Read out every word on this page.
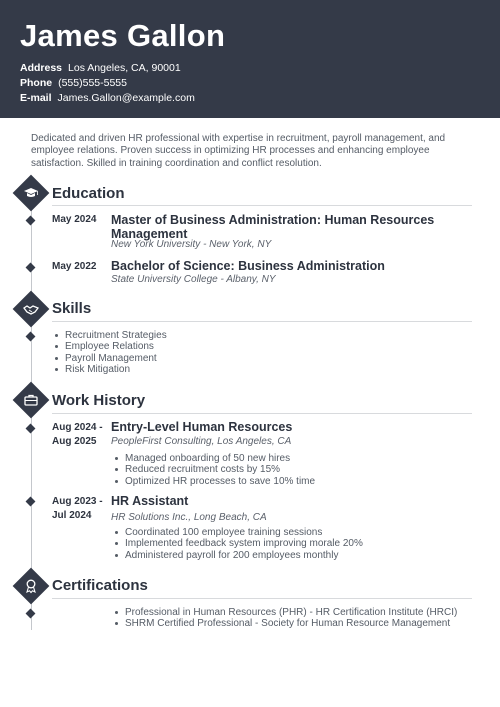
James Gallon
Address Los Angeles, CA, 90001
Phone (555)555-5555
E-mail James.Gallon@example.com
Dedicated and driven HR professional with expertise in recruitment, payroll management, and employee relations. Proven success in optimizing HR processes and enhancing employee satisfaction. Skilled in training coordination and conflict resolution.
Education
May 2024 Master of Business Administration: Human Resources Management
New York University - New York, NY
May 2022 Bachelor of Science: Business Administration
State University College - Albany, NY
Skills
Recruitment Strategies
Employee Relations
Payroll Management
Risk Mitigation
Work History
Aug 2024 -
Aug 2025
Entry-Level Human Resources
PeopleFirst Consulting, Los Angeles, CA
Managed onboarding of 50 new hires
Reduced recruitment costs by 15%
Optimized HR processes to save 10% time
Aug 2023 -
Jul 2024
HR Assistant
HR Solutions Inc., Long Beach, CA
Coordinated 100 employee training sessions
Implemented feedback system improving morale 20%
Administered payroll for 200 employees monthly
Certifications
Professional in Human Resources (PHR) - HR Certification Institute (HRCI)
SHRM Certified Professional - Society for Human Resource Management
